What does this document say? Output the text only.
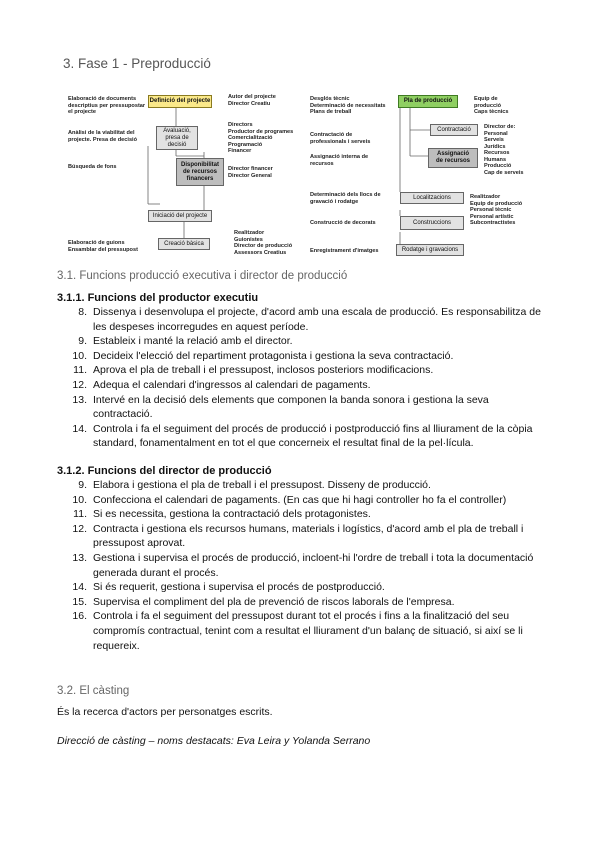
3. Fase 1 - Preproducció
Elaboració de documents
descriptius per pressupostar
el projecte
Anàlisi de la viabilitat del
projecte. Presa de decisió
Búsqueda de fons
Elaboració de guions
Ensamblar del pressupost
Definició del projecte
Avaluació,
presa de
decisió
Disponibilitat
de recursos
financers
Iniciació del projecte
Creació bàsica
Autor del projecte
Director Creatiu
Directors
Productor de programes
Comercialització
Programació
Financer
Director financer
Director General
Realitzador
Guionistes
Director de producció
Assessors Creatius
Desglós tècnic
Determinació de necessitats
Plans de treball
Contractació de
professionals i serveis
Assignació interna de
recursos
Determinació dels llocs de
gravació i rodatge
Construcció de decorats
Enregistrament d'imatges
Pla de producció
Contractació
Assignació
de recursos
Localitzacions
Construccions
Rodatge i gravacions
Equip de producció
Caps tècnics
Director de:
Personal
Serveis Jurídics
Recursos Humans
Producció
Cap de serveis
Realitzador
Equip de producció
Personal tècnic
Personal artístic
Subcontractistes
3.1. Funcions producció executiva i director de producció
3.1.1. Funcions del productor executiu
8. Dissenya i desenvolupa el projecte, d'acord amb una escala de producció. Es responsabilitza de les despeses incorregudes en aquest període.
9. Estableix i manté la relació amb el director.
10. Decideix l'elecció del repartiment protagonista i gestiona la seva contractació.
11. Aprova el pla de treball i el pressupost, inclosos posteriors modificacions.
12. Adequa el calendari d'ingressos al calendari de pagaments.
13. Intervé en la decisió dels elements que componen la banda sonora i gestiona la seva contractació.
14. Controla i fa el seguiment del procés de producció i postproducció fins al lliurament de la còpia standard, fonamentalment en tot el que concerneix el resultat final de la pel·lícula.
3.1.2. Funcions del director de producció
9. Elabora i gestiona el pla de treball i el pressupost. Disseny de producció.
10. Confecciona el calendari de pagaments. (En cas que hi hagi controller ho fa el controller)
11. Si es necessita, gestiona la contractació dels protagonistes.
12. Contracta i gestiona els recursos humans, materials i logístics, d'acord amb el pla de treball i pressupost aprovat.
13. Gestiona i supervisa el procés de producció, incloent-hi l'ordre de treball i tota la documentació generada durant el procés.
14. Si és requerit, gestiona i supervisa el procés de postproducció.
15. Supervisa el compliment del pla de prevenció de riscos laborals de l'empresa.
16. Controla i fa el seguiment del pressupost durant tot el procés i fins a la finalització del seu compromís contractual, tenint com a resultat el lliurament d'un balanç de situació, si així se li requereix.
3.2. El càsting
És la recerca d'actors per personatges escrits.
Direcció de càsting – noms destacats: Eva Leira y Yolanda Serrano
